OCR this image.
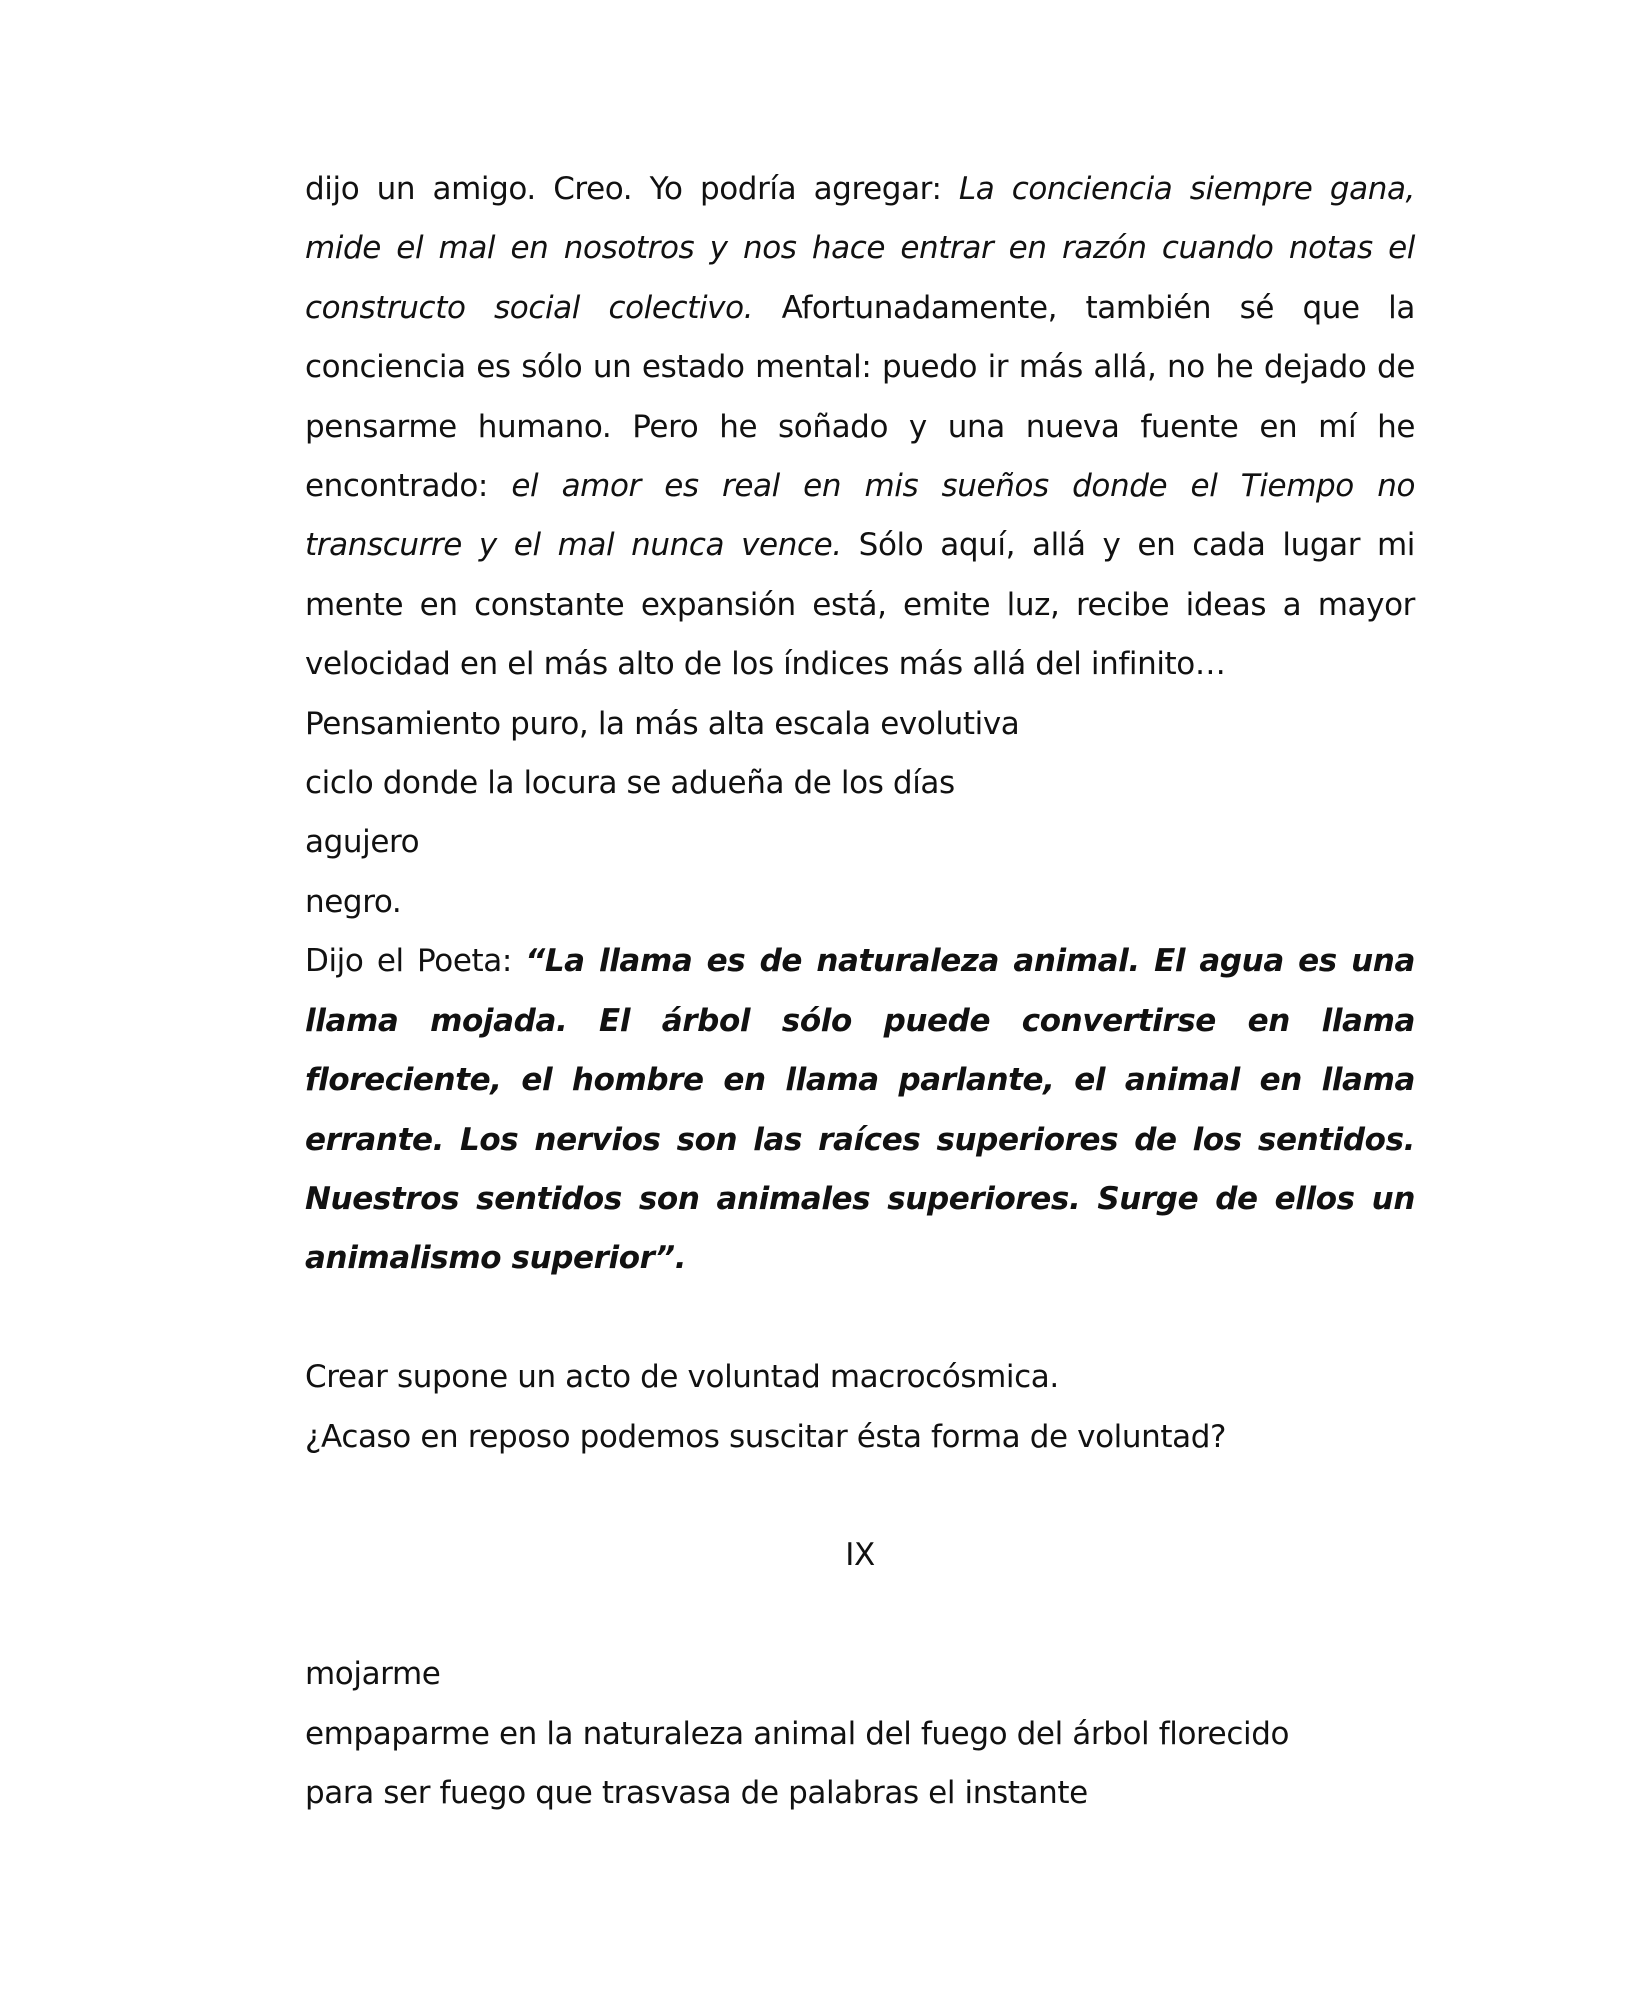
dijo un amigo. Creo. Yo podría agregar: La conciencia siempre gana, mide el mal en nosotros y nos hace entrar en razón cuando notas el constructo social colectivo. Afortunadamente, también sé que la conciencia es sólo un estado mental: puedo ir más allá, no he dejado de pensarme humano. Pero he soñado y una nueva fuente en mí he encontrado: el amor es real en mis sueños donde el Tiempo no transcurre y el mal nunca vence. Sólo aquí, allá y en cada lugar mi mente en constante expansión está, emite luz, recibe ideas a mayor velocidad en el más alto de los índices más allá del infinito…

Pensamiento puro, la más alta escala evolutiva

ciclo donde la locura se adueña de los días

agujero

negro.

Dijo el Poeta: “La llama es de naturaleza animal. El agua es una llama mojada. El árbol sólo puede convertirse en llama floreciente, el hombre en llama parlante, el animal en llama errante. Los nervios son las raíces superiores de los sentidos. Nuestros sentidos son animales superiores. Surge de ellos un animalismo superior”.

Crear supone un acto de voluntad macrocósmica.

¿Acaso en reposo podemos suscitar ésta forma de voluntad?

IX

mojarme

empaparme en la naturaleza animal del fuego del árbol florecido

para ser fuego que trasvasa de palabras el instante
